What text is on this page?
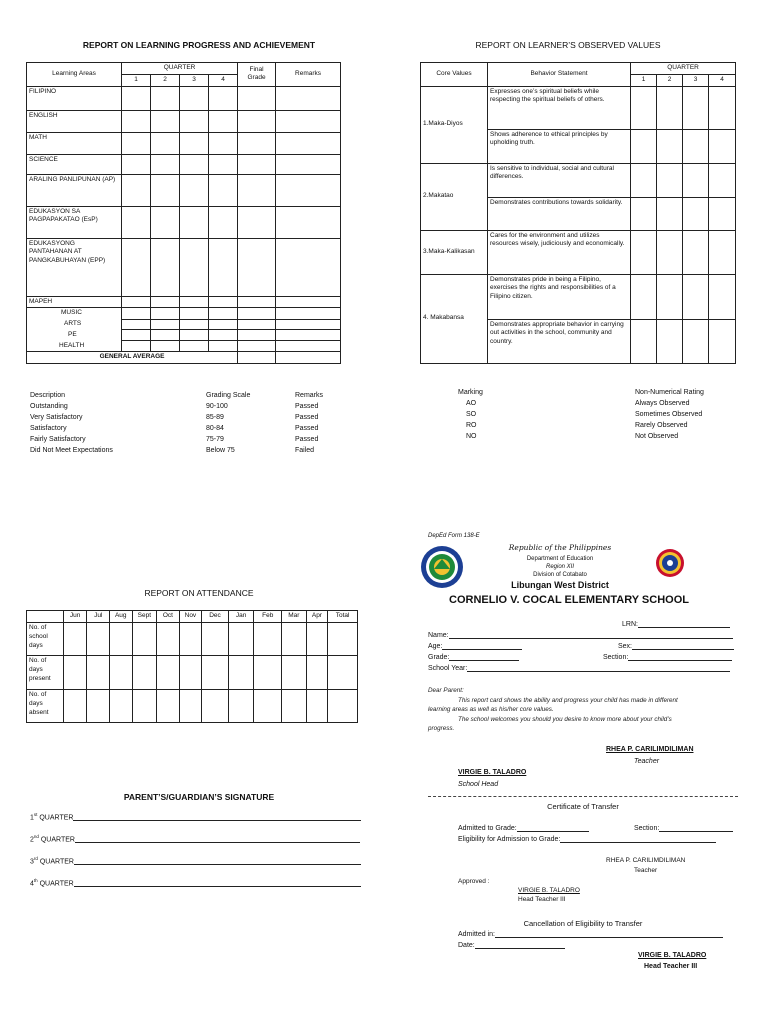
REPORT ON LEARNING PROGRESS AND ACHIEVEMENT
Learning Areas	QUARTER				Final Grade	Remarks
	1	2	3	4		
FILIPINO						
ENGLISH						
MATH						
SCIENCE						
ARALING PANLIPUNAN (AP)						
EDUKASYON SA PAGPAPAKATAO (EsP)						
EDUKASYONG PANTAHANAN AT PANGKABUHAYAN (EPP)						
MAPEH						
MUSIC						
ARTS						
PE						
HEALTH						
GENERAL AVERAGE						
Description	Grading Scale	Remarks
Outstanding	90-100	Passed
Very Satisfactory	85-89	Passed
Satisfactory	80-84	Passed
Fairly Satisfactory	75-79	Passed
Did Not Meet Expectations	Below 75	Failed
REPORT ON LEARNER’S OBSERVED VALUES
Core Values	Behavior Statement	QUARTER			
		1	2	3	4
1.Maka-Diyos	Expresses one’s spiritual beliefs while respecting the spiritual beliefs of others.				
	Shows adherence to ethical principles by upholding truth.				
2.Makatao	Is sensitive to individual, social and cultural differences.				
	Demonstrates contributions towards solidarity.				
3.Maka-Kalikasan	Cares for the environment and utilizes resources wisely, judiciously and economically.				
4. Makabansa	Demonstrates pride in being a Filipino, exercises the rights and responsibilities of a Filipino citizen.				
	Demonstrates appropriate behavior in carrying out activities in the school, community and country.				
Marking	Non-Numerical Rating
AO	Always Observed
SO	Sometimes Observed
RO	Rarely Observed
NO	Not Observed
REPORT ON ATTENDANCE
	Jun	Jul	Aug	Sept	Oct	Nov	Dec	Jan	Feb	Mar	Apr	Total
No. of school days												
No. of days present												
No. of days absent												
PARENT’S/GUARDIAN’S SIGNATURE
1st QUARTER
2nd QUARTER
3rd QUARTER
4th QUARTER
DepEd Form 138-E
Republic of the Philippines
Department of Education
Region XII
Division of Cotabato
Libungan West District
CORNELIO V. COCAL ELEMENTARY SCHOOL
LRN:
Name:
Age:	Sex:
Grade:	Section:
School Year:
Dear Parent:
This report card shows the ability and progress your child has made in different
learning areas as well as his/her core values.
The school welcomes you should you desire to know more about your child’s
progress.
RHEA P. CARILIMDILIMAN
Teacher
VIRGIE B. TALADRO
School Head
Certificate of Transfer
Admitted to Grade:	Section:
Eligibility for Admission to Grade:
RHEA P. CARILIMDILIMAN
Teacher
Approved :
VIRGIE B. TALADRO
Head Teacher III
Cancellation of Eligibility to Transfer
Admitted in:
Date:
VIRGIE B. TALADRO
Head Teacher III
